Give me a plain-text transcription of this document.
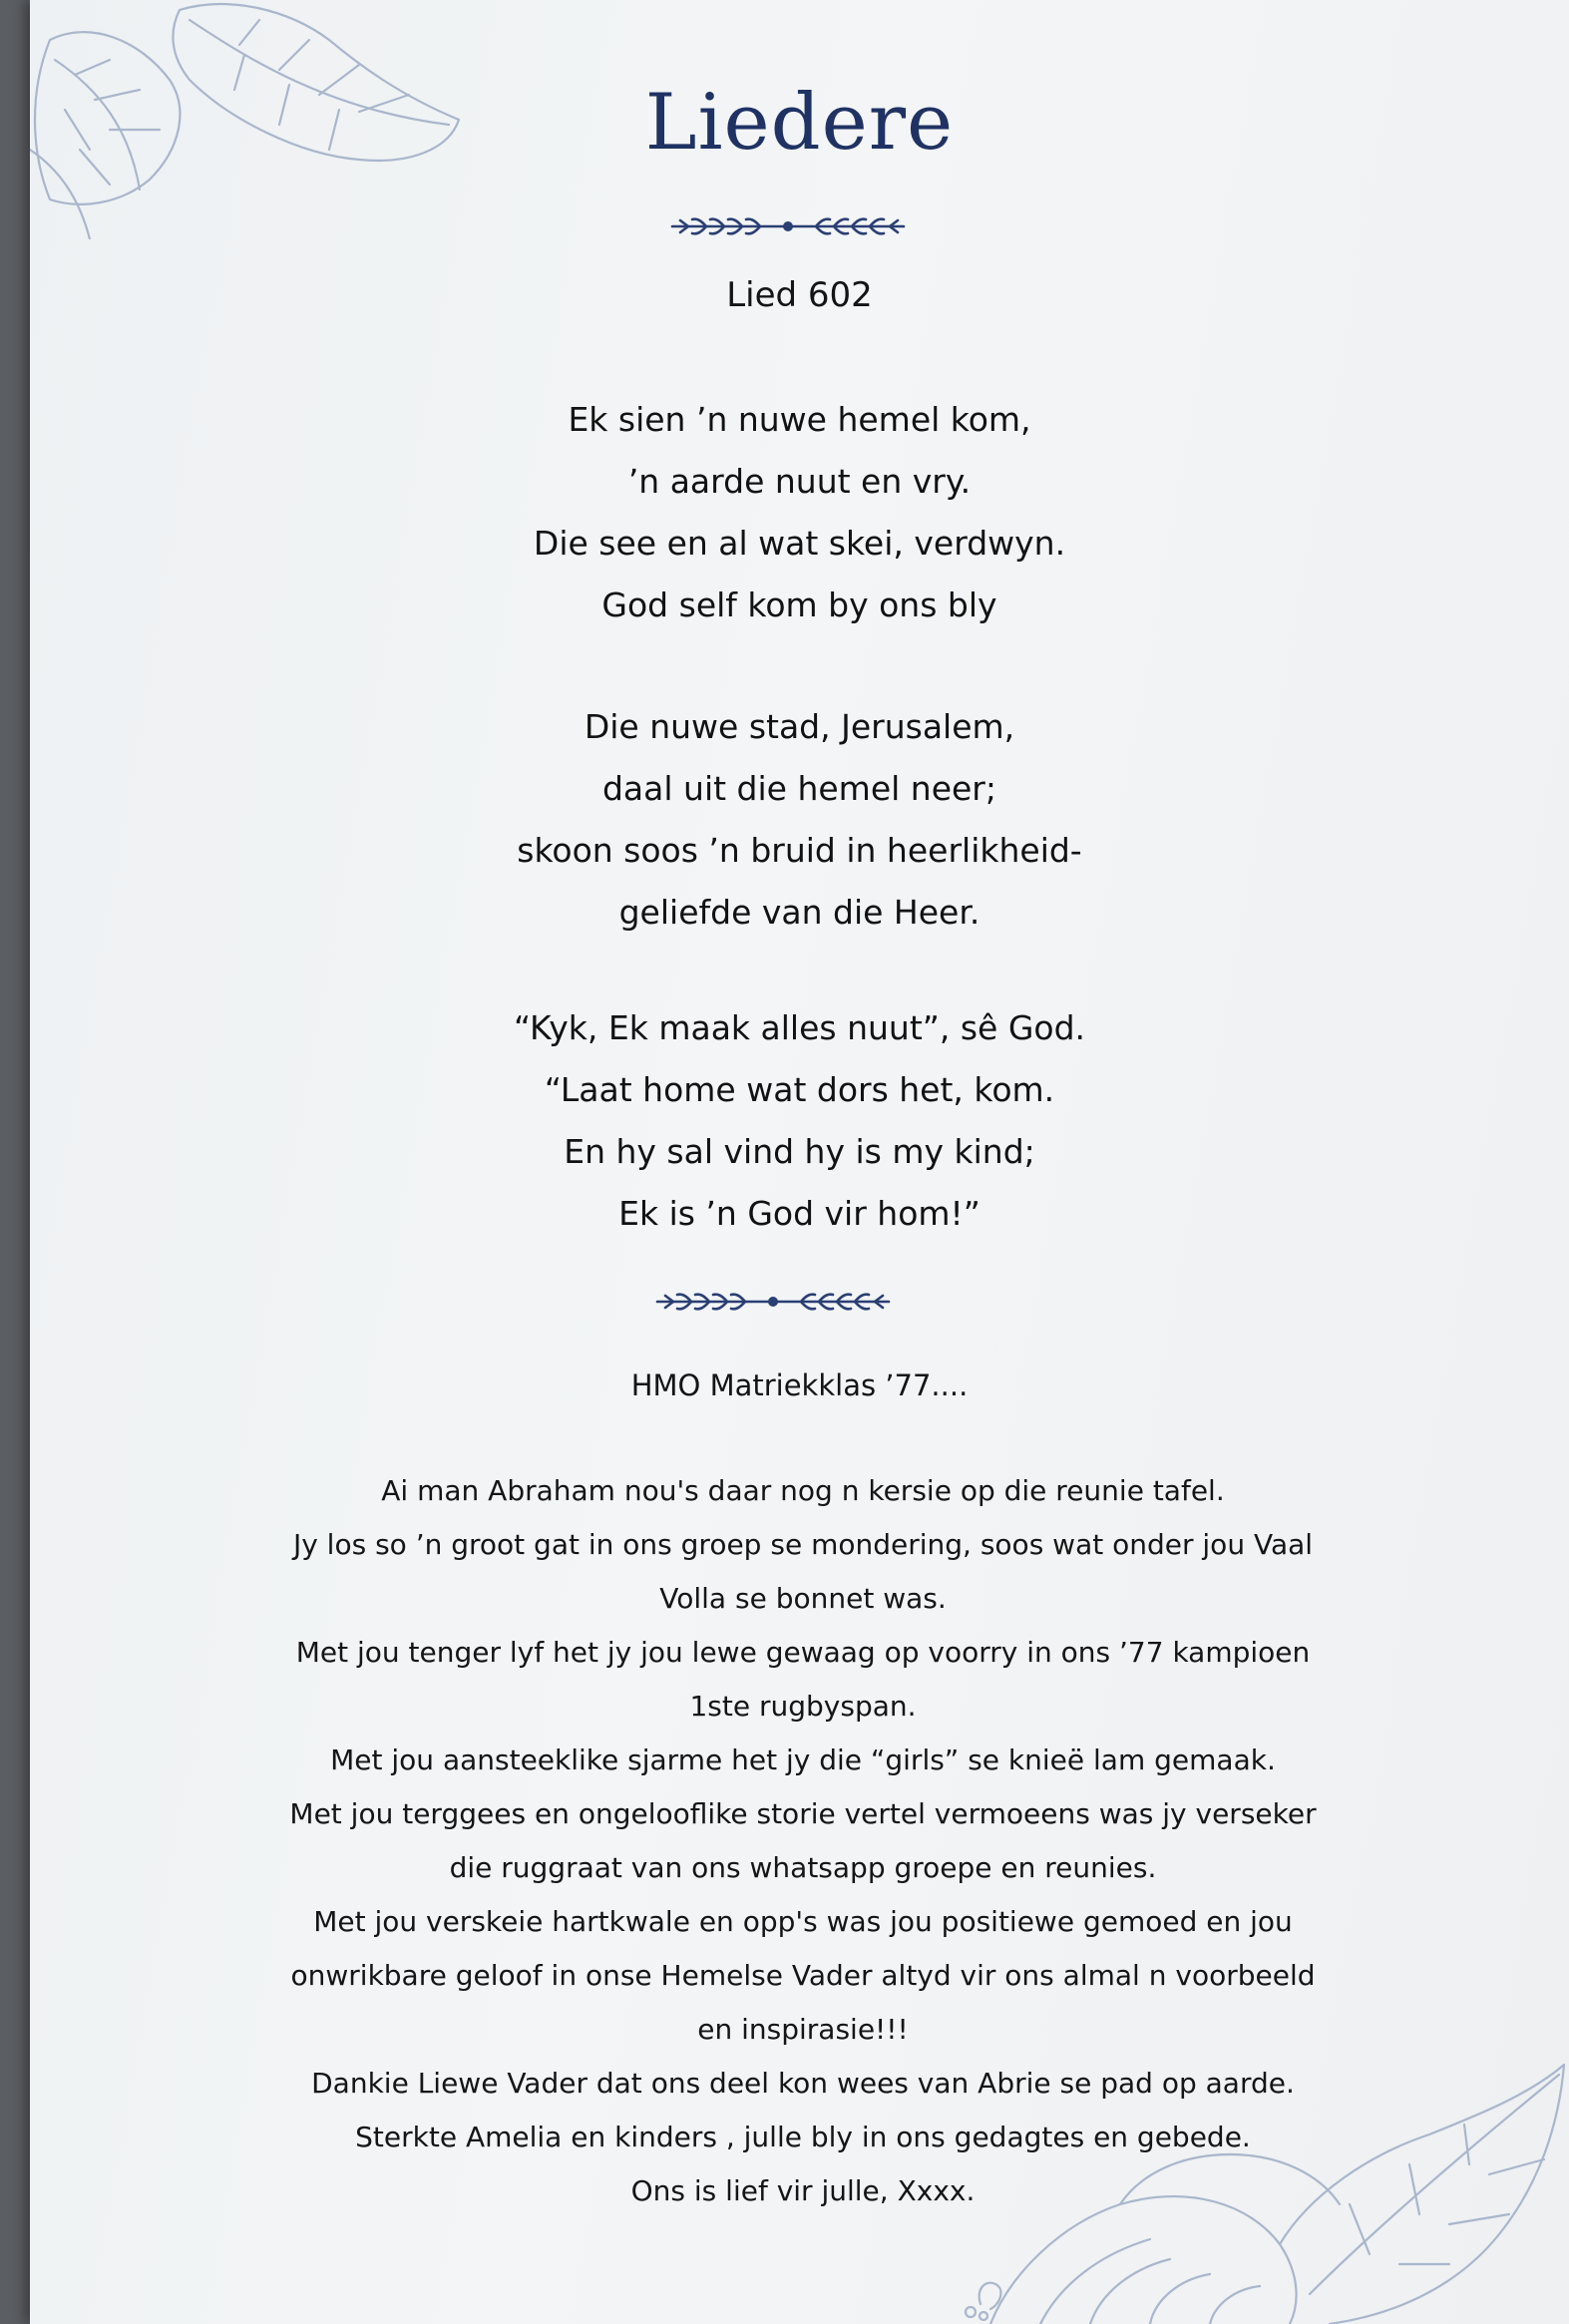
Liedere
Lied 602
Ek sien ’n nuwe hemel kom,
’n aarde nuut en vry.
Die see en al wat skei, verdwyn.
God self kom by ons bly
Die nuwe stad, Jerusalem,
daal uit die hemel neer;
skoon soos ’n bruid in heerlikheid-
geliefde van die Heer.
“Kyk, Ek maak alles nuut”, sê God.
“Laat home wat dors het, kom.
En hy sal vind hy is my kind;
Ek is ’n God vir hom!”
HMO Matriekklas ’77....
Ai man Abraham nou's daar nog n kersie op die reunie tafel.
Jy los so ’n groot gat in ons groep se mondering, soos wat onder jou Vaal
Volla se bonnet was.
Met jou tenger lyf het jy jou lewe gewaag op voorry in ons ’77 kampioen
1ste rugbyspan.
Met jou aansteeklike sjarme het jy die “girls” se knieë lam gemaak.
Met jou terggees en ongelooflike storie vertel vermoeens was jy verseker
die ruggraat van ons whatsapp groepe en reunies.
Met jou verskeie hartkwale en opp's was jou positiewe gemoed en jou
onwrikbare geloof in onse Hemelse Vader altyd vir ons almal n voorbeeld
en inspirasie!!!
Dankie Liewe Vader dat ons deel kon wees van Abrie se pad op aarde.
Sterkte Amelia en kinders , julle bly in ons gedagtes en gebede.
Ons is lief vir julle, Xxxx.
